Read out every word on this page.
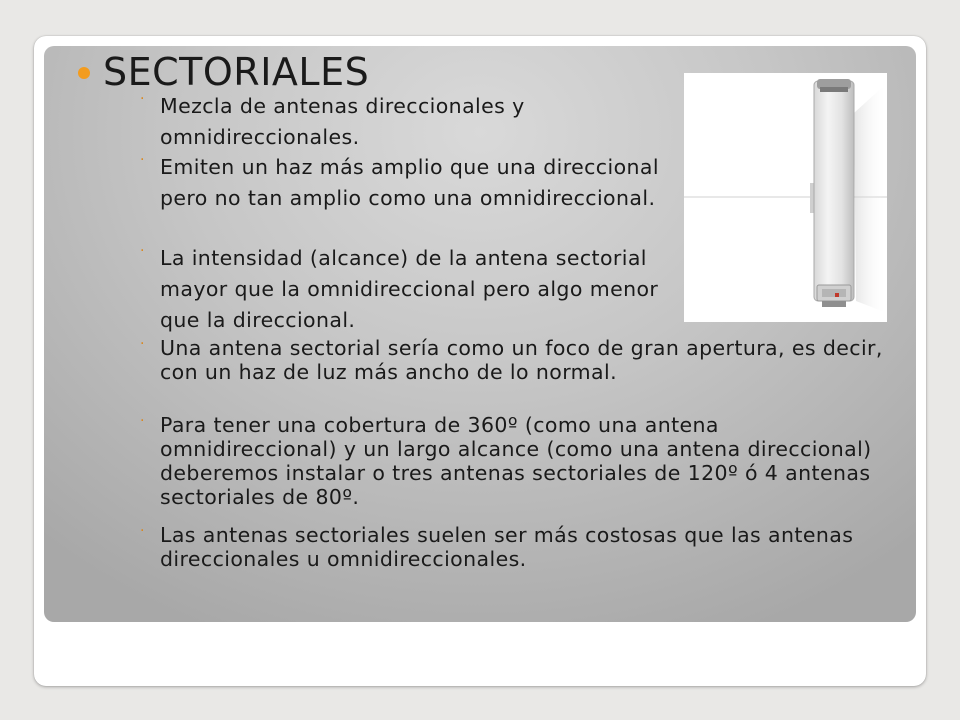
SECTORIALES
· Mezcla de antenas direccionales y omnidireccionales.
· Emiten un haz más amplio que una direccional pero no tan amplio como una omnidireccional.
· La intensidad (alcance) de la antena sectorial mayor que la omnidireccional pero algo menor que la direccional.
· Una antena sectorial sería como un foco de gran apertura, es decir, con un haz de luz más ancho de lo normal.
· Para tener una cobertura de 360º (como una antena omnidireccional) y un largo alcance (como una antena direccional) deberemos instalar o tres antenas sectoriales de 120º ó 4 antenas sectoriales de 80º.
· Las antenas sectoriales suelen ser más costosas que las antenas direccionales u omnidireccionales.
